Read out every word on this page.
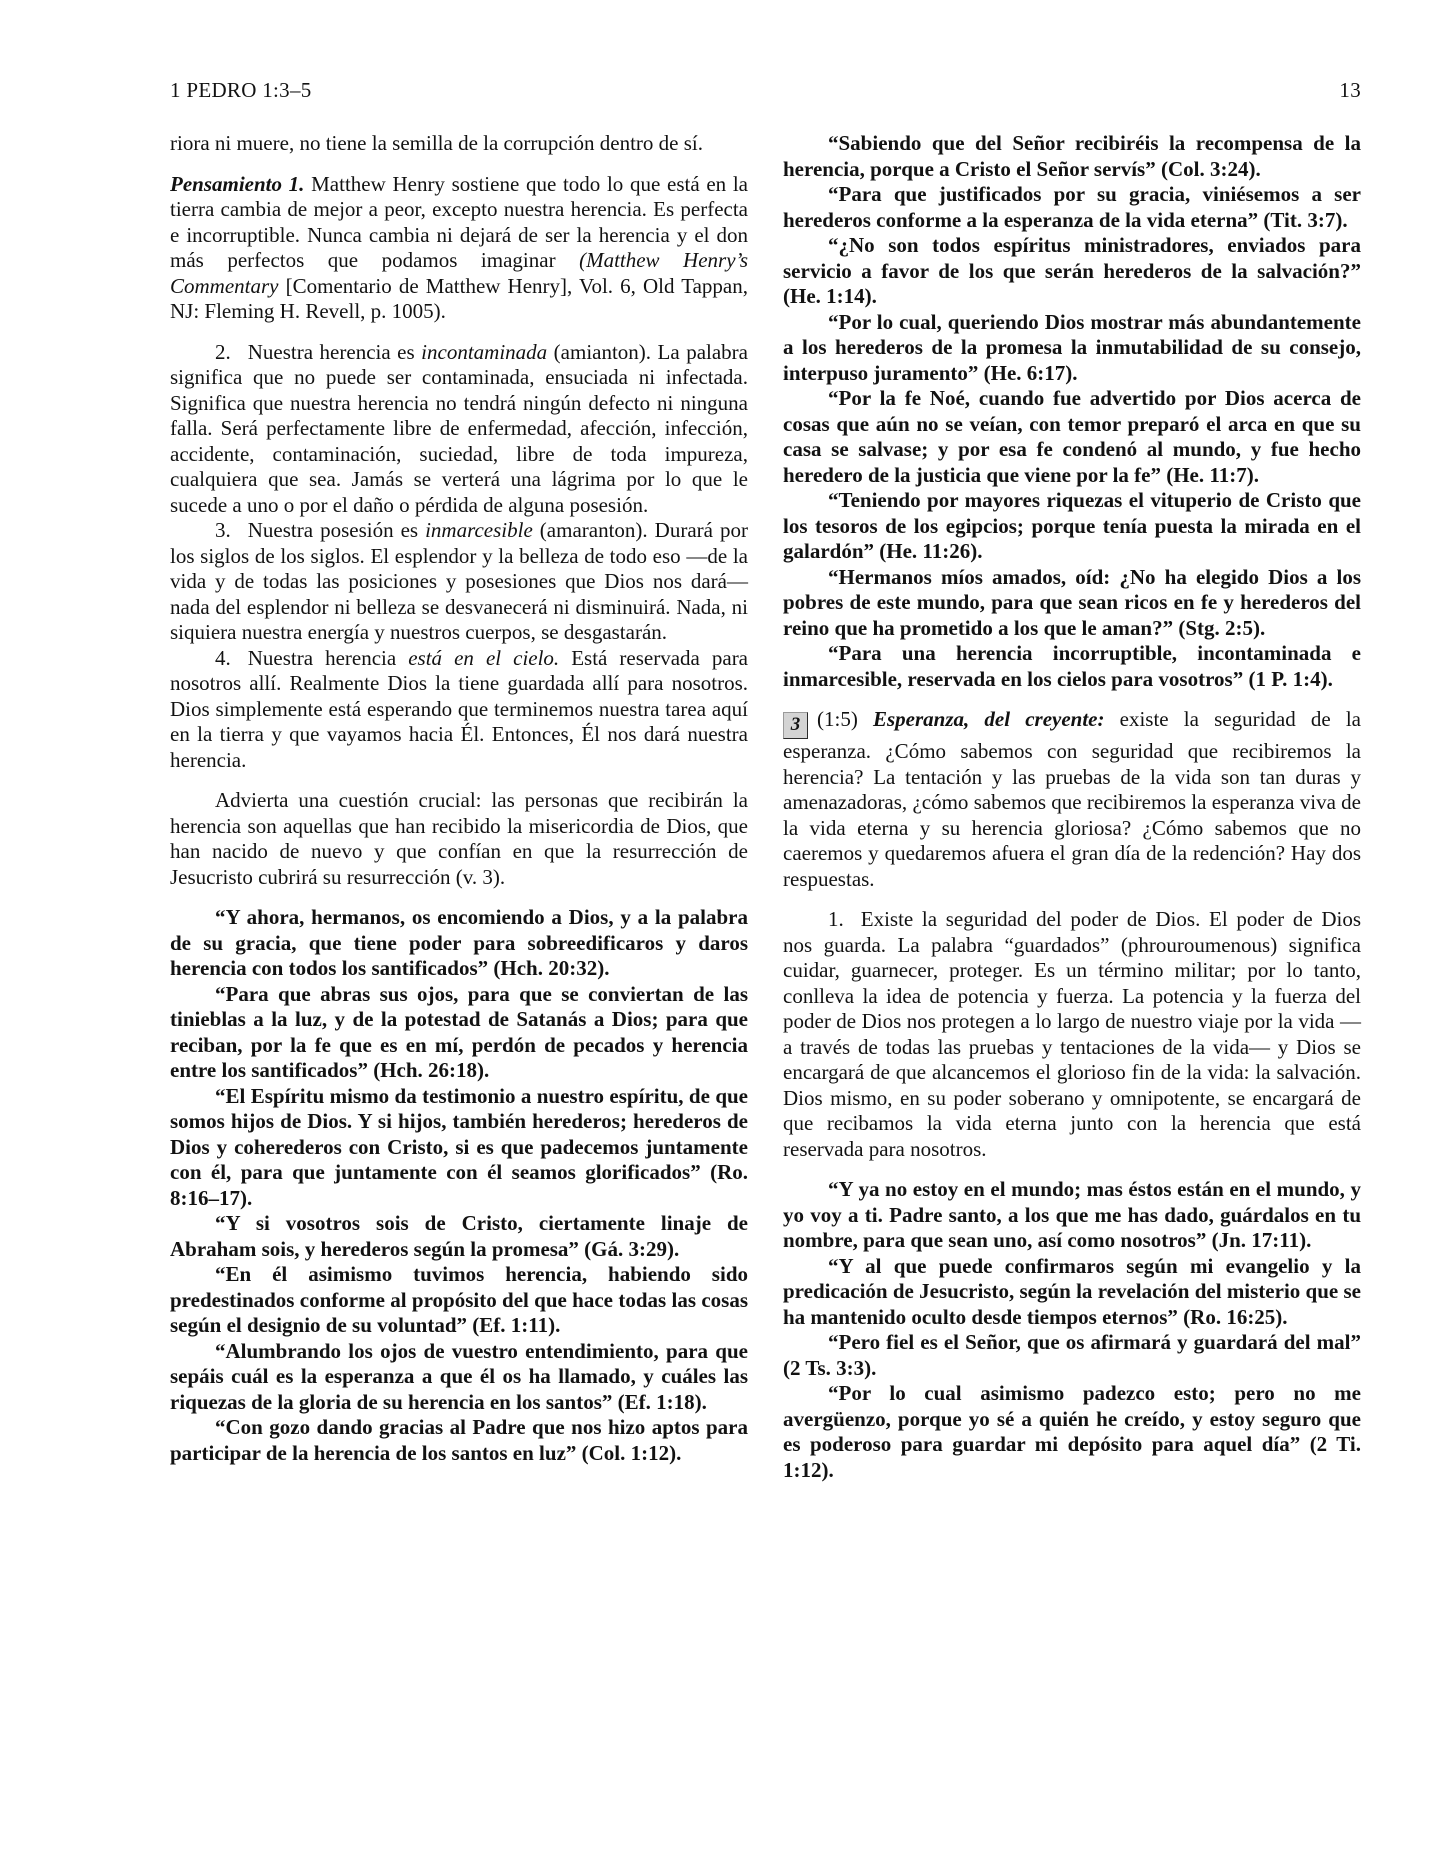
1 PEDRO 1:3–5	13

riora ni muere, no tiene la semilla de la corrupción dentro de sí.

Pensamiento 1. Matthew Henry sostiene que todo lo que está en la tierra cambia de mejor a peor, excepto nuestra herencia. Es perfecta e incorruptible. Nunca cambia ni dejará de ser la herencia y el don más perfectos que podamos imaginar (Matthew Henry’s Commentary [Comentario de Matthew Henry], Vol. 6, Old Tappan, NJ: Fleming H. Revell, p. 1005).

2. Nuestra herencia es incontaminada (amianton). La palabra significa que no puede ser contaminada, ensuciada ni infectada. Significa que nuestra herencia no tendrá ningún defecto ni ninguna falla. Será perfectamente libre de enfermedad, afección, infección, accidente, contaminación, suciedad, libre de toda impureza, cualquiera que sea. Jamás se verterá una lágrima por lo que le sucede a uno o por el daño o pérdida de alguna posesión.

3. Nuestra posesión es inmarcesible (amaranton). Durará por los siglos de los siglos. El esplendor y la belleza de todo eso —de la vida y de todas las posiciones y posesiones que Dios nos dará— nada del esplendor ni belleza se desvanecerá ni disminuirá. Nada, ni siquiera nuestra energía y nuestros cuerpos, se desgastarán.

4. Nuestra herencia está en el cielo. Está reservada para nosotros allí. Realmente Dios la tiene guardada allí para nosotros. Dios simplemente está esperando que terminemos nuestra tarea aquí en la tierra y que vayamos hacia Él. Entonces, Él nos dará nuestra herencia.

Advierta una cuestión crucial: las personas que recibirán la herencia son aquellas que han recibido la misericordia de Dios, que han nacido de nuevo y que confían en que la resurrección de Jesucristo cubrirá su resurrección (v. 3).

“Y ahora, hermanos, os encomiendo a Dios, y a la palabra de su gracia, que tiene poder para sobreedificaros y daros herencia con todos los santificados” (Hch. 20:32).

“Para que abras sus ojos, para que se conviertan de las tinieblas a la luz, y de la potestad de Satanás a Dios; para que reciban, por la fe que es en mí, perdón de pecados y herencia entre los santificados” (Hch. 26:18).

“El Espíritu mismo da testimonio a nuestro espíritu, de que somos hijos de Dios. Y si hijos, también herederos; herederos de Dios y coherederos con Cristo, si es que padecemos juntamente con él, para que juntamente con él seamos glorificados” (Ro. 8:16–17).

“Y si vosotros sois de Cristo, ciertamente linaje de Abraham sois, y herederos según la promesa” (Gá. 3:29).

“En él asimismo tuvimos herencia, habiendo sido predestinados conforme al propósito del que hace todas las cosas según el designio de su voluntad” (Ef. 1:11).

“Alumbrando los ojos de vuestro entendimiento, para que sepáis cuál es la esperanza a que él os ha llamado, y cuáles las riquezas de la gloria de su herencia en los santos” (Ef. 1:18).

“Con gozo dando gracias al Padre que nos hizo aptos para participar de la herencia de los santos en luz” (Col. 1:12).

“Sabiendo que del Señor recibiréis la recompensa de la herencia, porque a Cristo el Señor servís” (Col. 3:24).

“Para que justificados por su gracia, viniésemos a ser herederos conforme a la esperanza de la vida eterna” (Tit. 3:7).

“¿No son todos espíritus ministradores, enviados para servicio a favor de los que serán herederos de la salvación?” (He. 1:14).

“Por lo cual, queriendo Dios mostrar más abundantemente a los herederos de la promesa la inmutabilidad de su consejo, interpuso juramento” (He. 6:17).

“Por la fe Noé, cuando fue advertido por Dios acerca de cosas que aún no se veían, con temor preparó el arca en que su casa se salvase; y por esa fe condenó al mundo, y fue hecho heredero de la justicia que viene por la fe” (He. 11:7).

“Teniendo por mayores riquezas el vituperio de Cristo que los tesoros de los egipcios; porque tenía puesta la mirada en el galardón” (He. 11:26).

“Hermanos míos amados, oíd: ¿No ha elegido Dios a los pobres de este mundo, para que sean ricos en fe y herederos del reino que ha prometido a los que le aman?” (Stg. 2:5).

“Para una herencia incorruptible, incontaminada e inmarcesible, reservada en los cielos para vosotros” (1 P. 1:4).

3 (1:5) Esperanza, del creyente: existe la seguridad de la esperanza. ¿Cómo sabemos con seguridad que recibiremos la herencia? La tentación y las pruebas de la vida son tan duras y amenazadoras, ¿cómo sabemos que recibiremos la esperanza viva de la vida eterna y su herencia gloriosa? ¿Cómo sabemos que no caeremos y quedaremos afuera el gran día de la redención? Hay dos respuestas.

1. Existe la seguridad del poder de Dios. El poder de Dios nos guarda. La palabra “guardados” (phrouroumenous) significa cuidar, guarnecer, proteger. Es un término militar; por lo tanto, conlleva la idea de potencia y fuerza. La potencia y la fuerza del poder de Dios nos protegen a lo largo de nuestro viaje por la vida —a través de todas las pruebas y tentaciones de la vida— y Dios se encargará de que alcancemos el glorioso fin de la vida: la salvación. Dios mismo, en su poder soberano y omnipotente, se encargará de que recibamos la vida eterna junto con la herencia que está reservada para nosotros.

“Y ya no estoy en el mundo; mas éstos están en el mundo, y yo voy a ti. Padre santo, a los que me has dado, guárdalos en tu nombre, para que sean uno, así como nosotros” (Jn. 17:11).

“Y al que puede confirmaros según mi evangelio y la predicación de Jesucristo, según la revelación del misterio que se ha mantenido oculto desde tiempos eternos” (Ro. 16:25).

“Pero fiel es el Señor, que os afirmará y guardará del mal” (2 Ts. 3:3).

“Por lo cual asimismo padezco esto; pero no me avergüenzo, porque yo sé a quién he creído, y estoy seguro que es poderoso para guardar mi depósito para aquel día” (2 Ti. 1:12).
